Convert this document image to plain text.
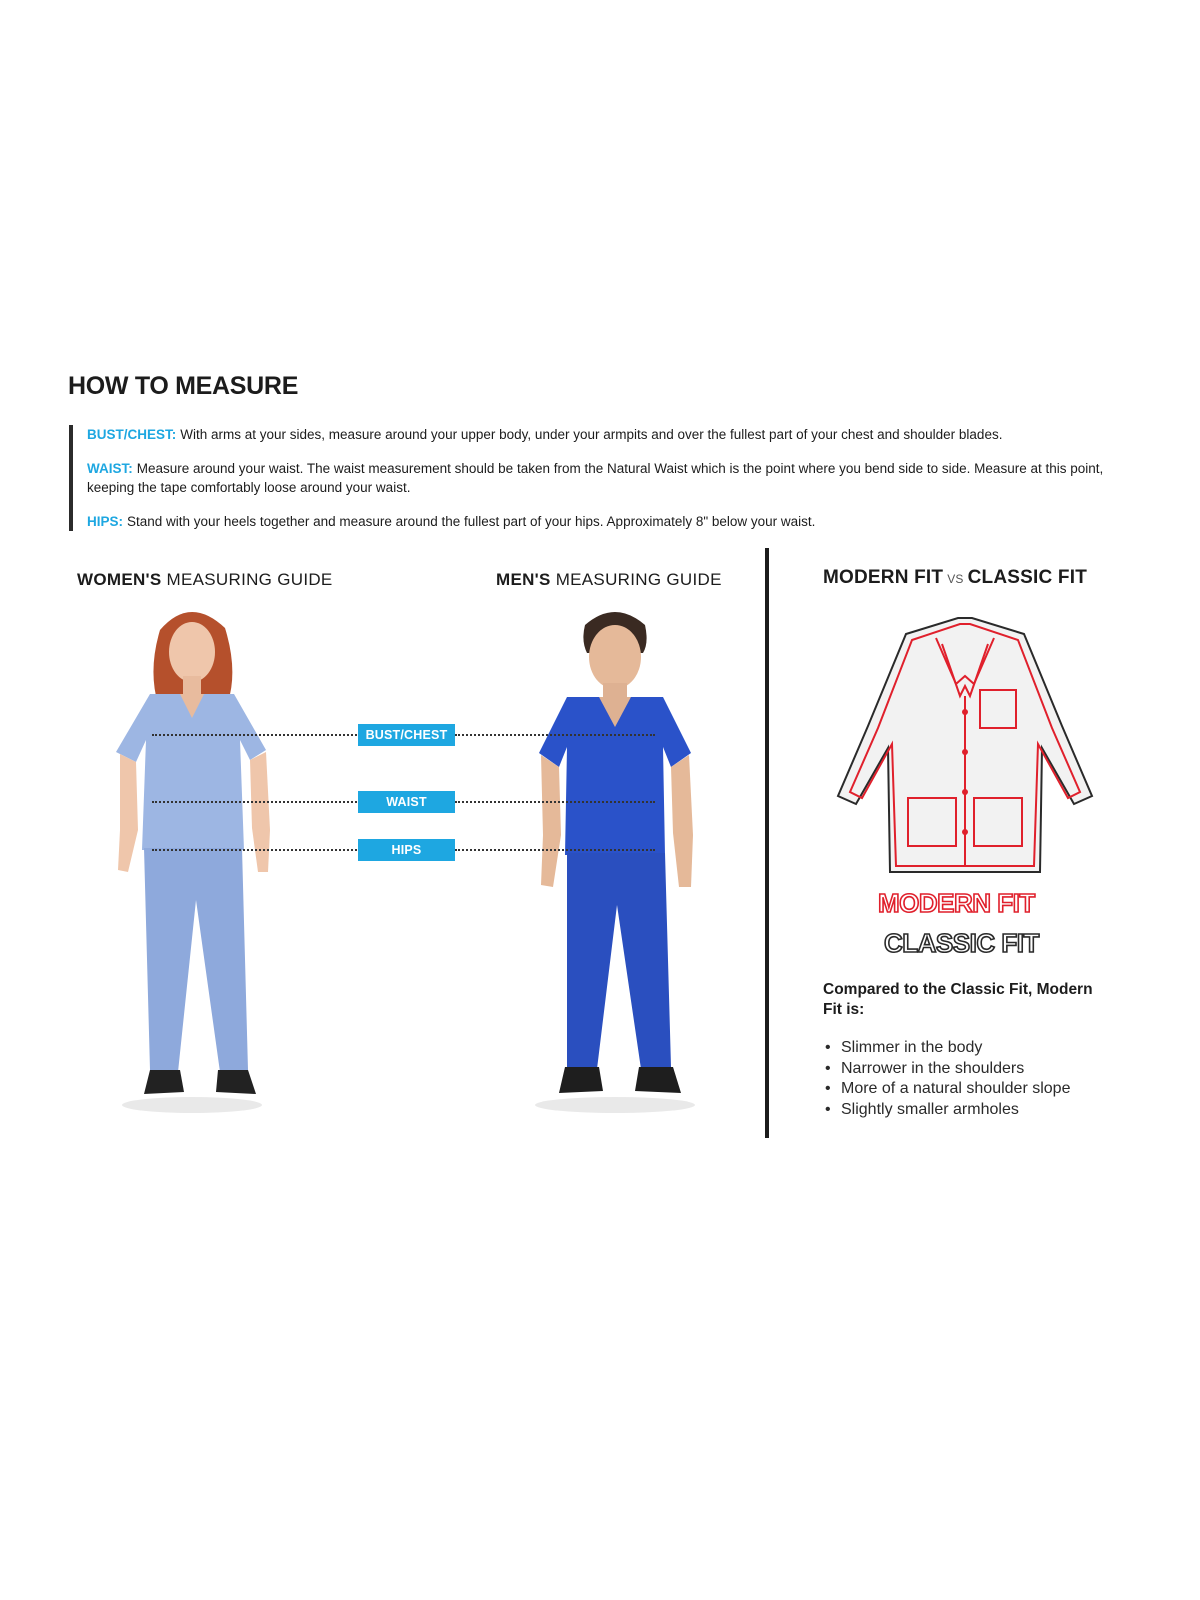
HOW TO MEASURE

BUST/CHEST: With arms at your sides, measure around your upper body, under your armpits and over the fullest part of your chest and shoulder blades.

WAIST: Measure around your waist. The waist measurement should be taken from the Natural Waist which is the point where you bend side to side. Measure at this point, keeping the tape comfortably loose around your waist.

HIPS: Stand with your heels together and measure around the fullest part of your hips. Approximately 8" below your waist.

WOMEN'S MEASURING GUIDE	MEN'S MEASURING GUIDE
BUST/CHEST
WAIST
HIPS
MODERN FIT VS CLASSIC FIT
MODERN FIT
CLASSIC FIT

Compared to the Classic Fit, Modern Fit is:

• Slimmer in the body
• Narrower in the shoulders
• More of a natural shoulder slope
• Slightly smaller armholes
